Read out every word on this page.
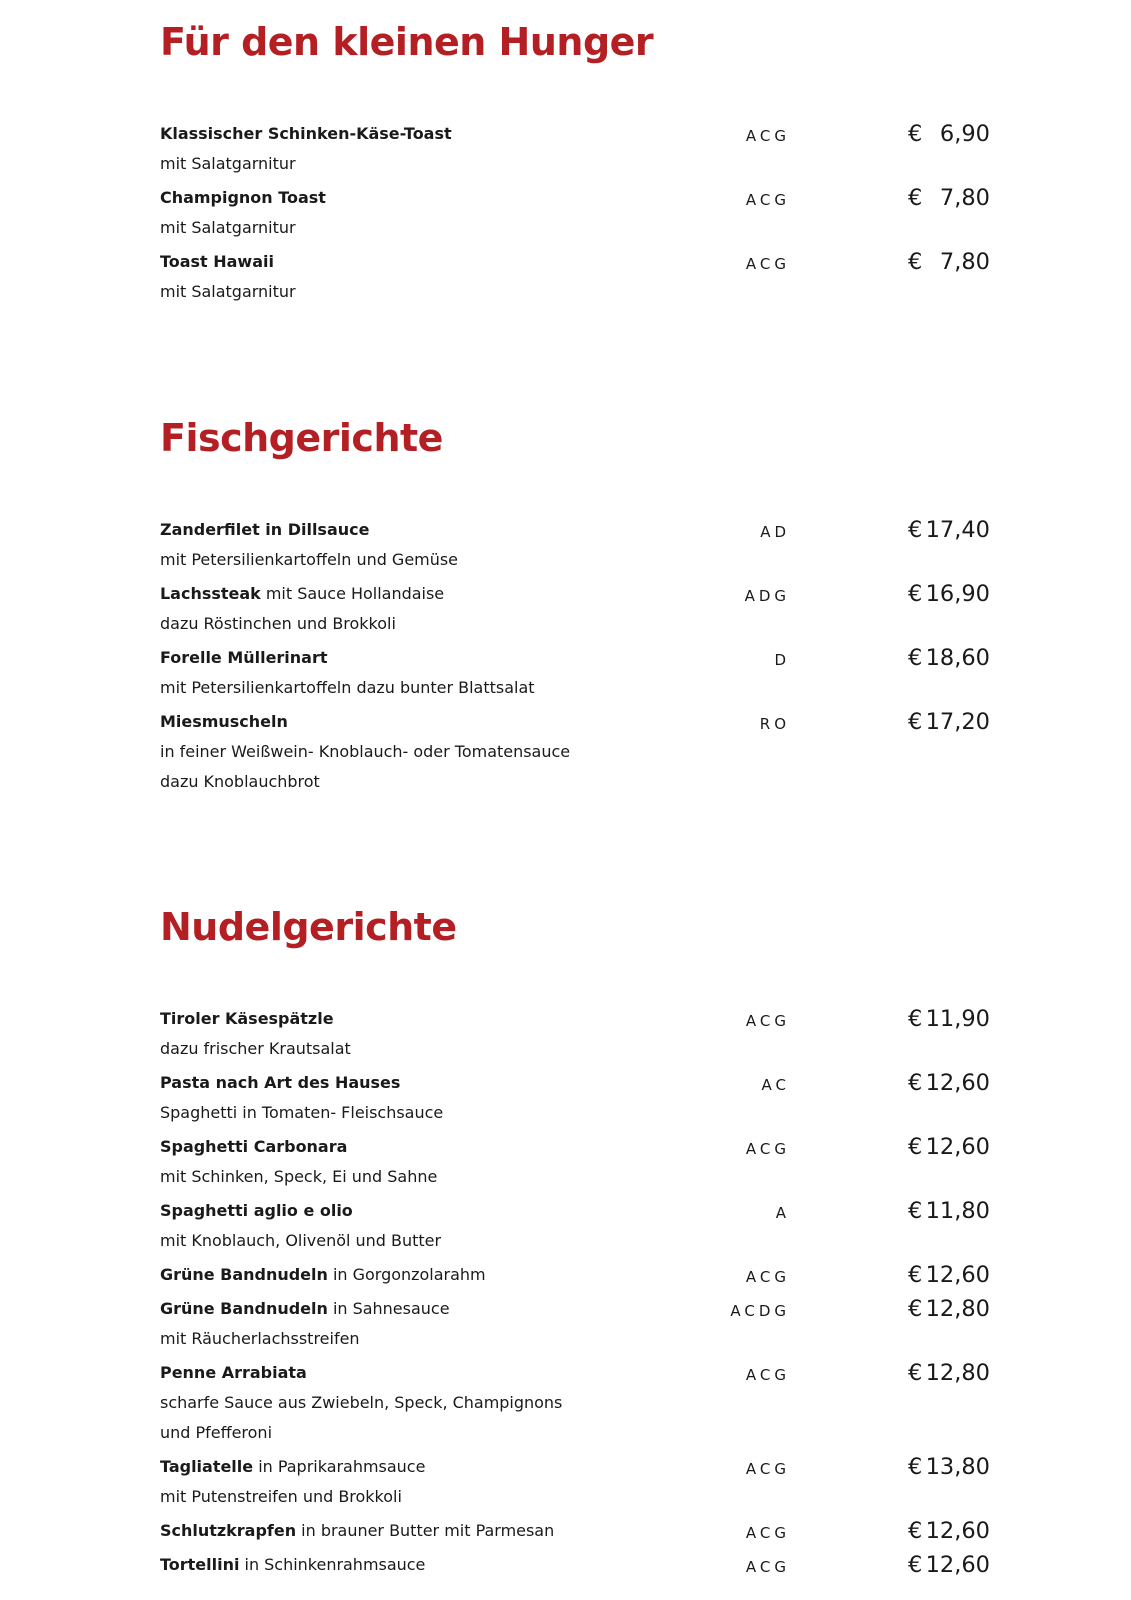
Für den kleinen Hunger
Klassischer Schinken-Käse-Toast
mit Salatgarnitur
ACG	€ 6,90
Champignon Toast
mit Salatgarnitur
ACG	€ 7,80
Toast Hawaii
mit Salatgarnitur
ACG	€ 7,80
Fischgerichte
Zanderfilet in Dillsauce
mit Petersilienkartoffeln und Gemüse
AD	€ 17,40
Lachssteak mit Sauce Hollandaise
dazu Röstinchen und Brokkoli
ADG	€ 16,90
Forelle Müllerinart
mit Petersilienkartoffeln dazu bunter Blattsalat
D	€ 18,60
Miesmuscheln
in feiner Weißwein- Knoblauch- oder Tomatensauce
dazu Knoblauchbrot
RO	€ 17,20
Nudelgerichte
Tiroler Käsespätzle
dazu frischer Krautsalat
ACG	€ 11,90
Pasta nach Art des Hauses
Spaghetti in Tomaten- Fleischsauce
AC	€ 12,60
Spaghetti Carbonara
mit Schinken, Speck, Ei und Sahne
ACG	€ 12,60
Spaghetti aglio e olio
mit Knoblauch, Olivenöl und Butter
A	€ 11,80
Grüne Bandnudeln in Gorgonzolarahm	ACG	€ 12,60
Grüne Bandnudeln in Sahnesauce
mit Räucherlachsstreifen
ACDG	€ 12,80
Penne Arrabiata
scharfe Sauce aus Zwiebeln, Speck, Champignons
und Pfefferoni
ACG	€ 12,80
Tagliatelle in Paprikarahmsauce
mit Putenstreifen und Brokkoli
ACG	€ 13,80
Schlutzkrapfen in brauner Butter mit Parmesan	ACG	€ 12,60
Tortellini in Schinkenrahmsauce	ACG	€ 12,60
